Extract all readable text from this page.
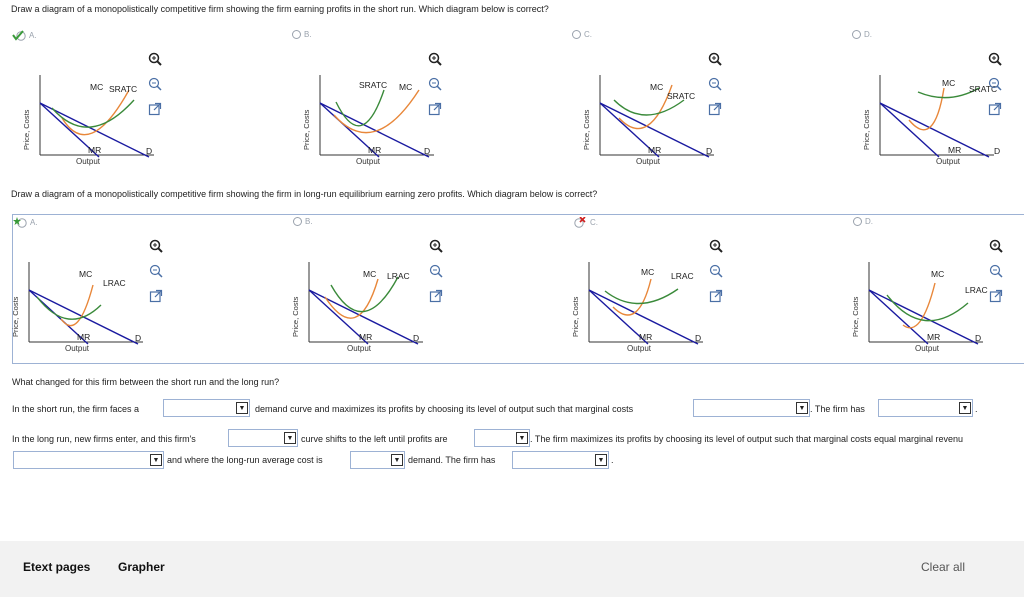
Draw a diagram of a monopolistically competitive firm showing the firm earning profits in the short run. Which diagram below is correct?
A.
MC SRATC
MR	D
Price, Costs
Output
B.
SRATC MC
MR	D
Price, Costs
Output
C.
MC
SRATC
MR	D
Price, Costs
Output
D.
MC
SRATC
MR	D
Price, Costs
Output
Draw a diagram of a monopolistically competitive firm showing the firm in long-run equilibrium earning zero profits. Which diagram below is correct?
A.
MC
LRAC
MR	D
Price, Costs
Output
B.
MC LRAC
MR	D
Price, Costs
Output
C.
MC LRAC
MR	D
Price, Costs
Output
D.
MC
LRAC
MR	D
Price, Costs
Output
What changed for this firm between the short run and the long run?
In the short run, the firm faces a	▼ demand curve and maximizes its profits by choosing its level of output such that marginal costs	▼ . The firm has	▼ .
In the long run, new firms enter, and this firm's	▼ curve shifts to the left until profits are	▼ . The firm maximizes its profits by choosing its level of output such that marginal costs equal marginal revenu
▼ and where the long-run average cost is	▼ demand. The firm has	▼ .
Etext pages Grapher	Clear all
